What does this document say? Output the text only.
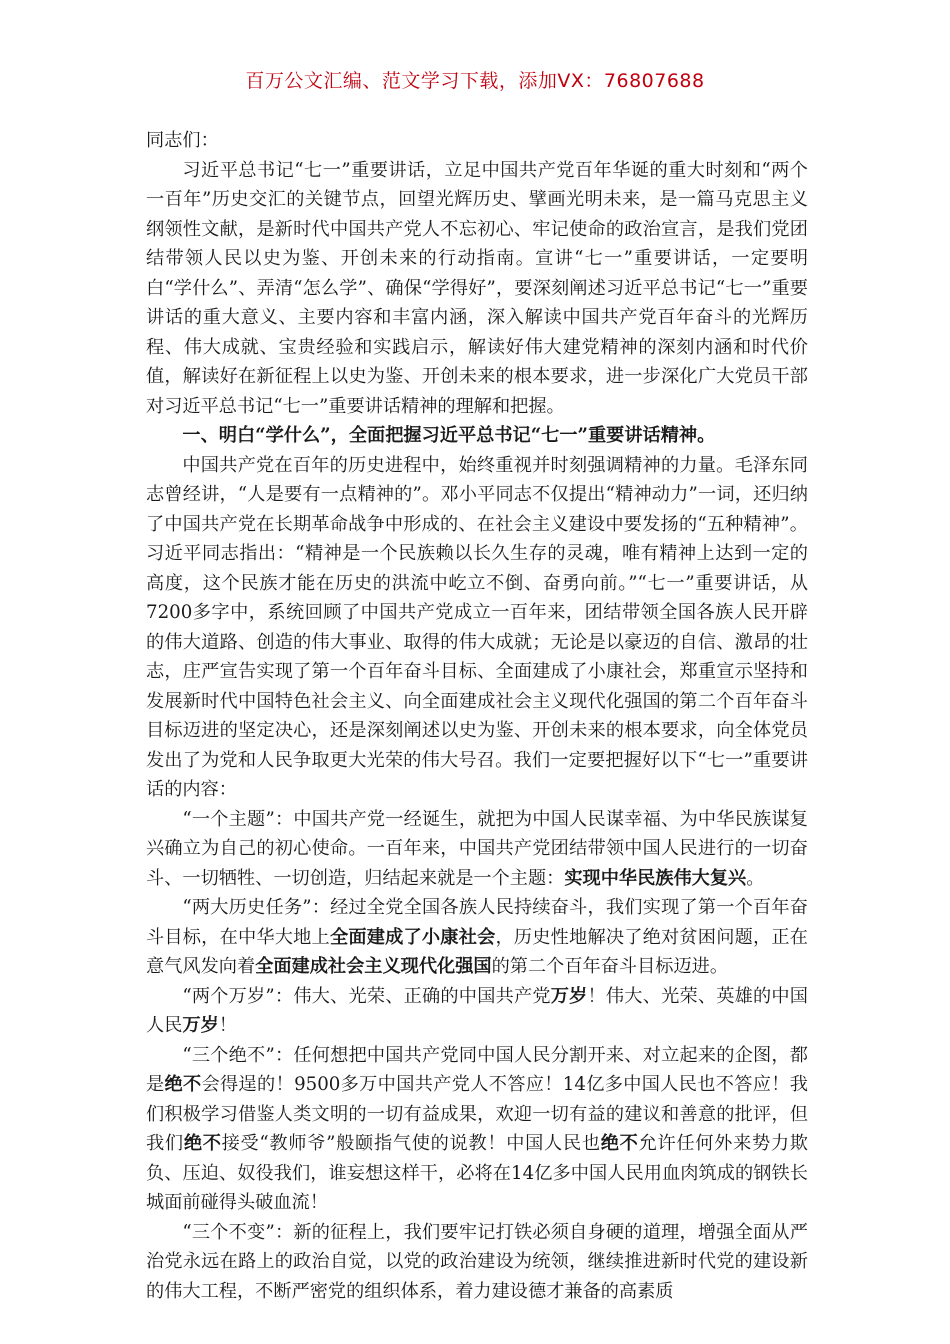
百万公文汇编、范文学习下载，添加VX：76807688

同志们：

习近平总书记“七一”重要讲话，立足中国共产党百年华诞的重大时刻和“两个一百年”历史交汇的关键节点，回望光辉历史、擘画光明未来，是一篇马克思主义纲领性文献，是新时代中国共产党人不忘初心、牢记使命的政治宣言，是我们党团结带领人民以史为鉴、开创未来的行动指南。宣讲“七一”重要讲话，一定要明白“学什么”、弄清“怎么学”、确保“学得好”，要深刻阐述习近平总书记“七一”重要讲话的重大意义、主要内容和丰富内涵，深入解读中国共产党百年奋斗的光辉历程、伟大成就、宝贵经验和实践启示，解读好伟大建党精神的深刻内涵和时代价值，解读好在新征程上以史为鉴、开创未来的根本要求，进一步深化广大党员干部对习近平总书记“七一”重要讲话精神的理解和把握。

一、明白“学什么”，全面把握习近平总书记“七一”重要讲话精神。

中国共产党在百年的历史进程中，始终重视并时刻强调精神的力量。毛泽东同志曾经讲，“人是要有一点精神的”。邓小平同志不仅提出“精神动力”一词，还归纳了中国共产党在长期革命战争中形成的、在社会主义建设中要发扬的“五种精神”。习近平同志指出：“精神是一个民族赖以长久生存的灵魂，唯有精神上达到一定的高度，这个民族才能在历史的洪流中屹立不倒、奋勇向前。”“七一”重要讲话，从7200多字中，系统回顾了中国共产党成立一百年来，团结带领全国各族人民开辟的伟大道路、创造的伟大事业、取得的伟大成就；无论是以豪迈的自信、激昂的壮志，庄严宣告实现了第一个百年奋斗目标、全面建成了小康社会，郑重宣示坚持和发展新时代中国特色社会主义、向全面建成社会主义现代化强国的第二个百年奋斗目标迈进的坚定决心，还是深刻阐述以史为鉴、开创未来的根本要求，向全体党员发出了为党和人民争取更大光荣的伟大号召。我们一定要把握好以下“七一”重要讲话的内容：

“一个主题”：中国共产党一经诞生，就把为中国人民谋幸福、为中华民族谋复兴确立为自己的初心使命。一百年来，中国共产党团结带领中国人民进行的一切奋斗、一切牺牲、一切创造，归结起来就是一个主题：实现中华民族伟大复兴。

“两大历史任务”：经过全党全国各族人民持续奋斗，我们实现了第一个百年奋斗目标，在中华大地上全面建成了小康社会，历史性地解决了绝对贫困问题，正在意气风发向着全面建成社会主义现代化强国的第二个百年奋斗目标迈进。

“两个万岁”：伟大、光荣、正确的中国共产党万岁！伟大、光荣、英雄的中国人民万岁！

“三个绝不”：任何想把中国共产党同中国人民分割开来、对立起来的企图，都是绝不会得逞的！9500多万中国共产党人不答应！14亿多中国人民也不答应！我们积极学习借鉴人类文明的一切有益成果，欢迎一切有益的建议和善意的批评，但我们绝不接受“教师爷”般颐指气使的说教！中国人民也绝不允许任何外来势力欺负、压迫、奴役我们，谁妄想这样干，必将在14亿多中国人民用血肉筑成的钢铁长城面前碰得头破血流！

“三个不变”：新的征程上，我们要牢记打铁必须自身硬的道理，增强全面从严治党永远在路上的政治自觉，以党的政治建设为统领，继续推进新时代党的建设新的伟大工程，不断严密党的组织体系，着力建设德才兼备的高素质
